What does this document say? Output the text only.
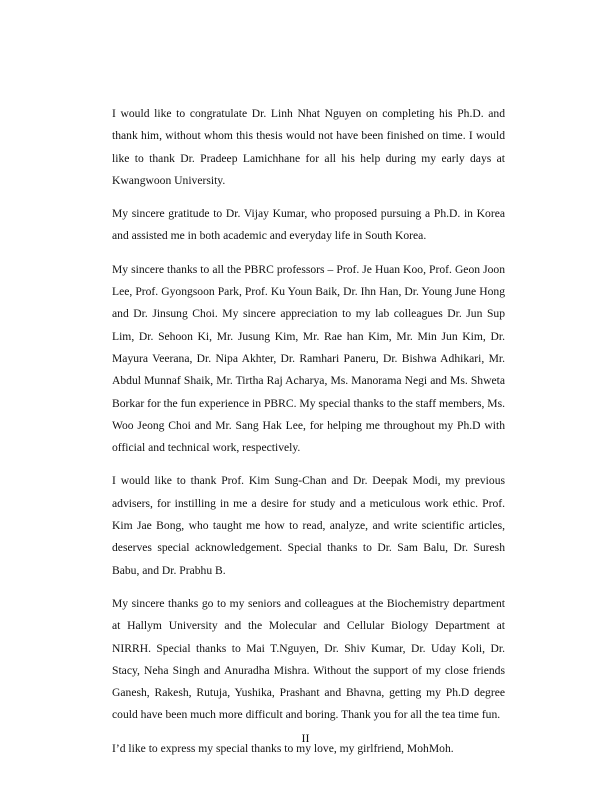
I would like to congratulate Dr. Linh Nhat Nguyen on completing his Ph.D. and thank him, without whom this thesis would not have been finished on time. I would like to thank Dr. Pradeep Lamichhane for all his help during my early days at Kwangwoon University.

My sincere gratitude to Dr. Vijay Kumar, who proposed pursuing a Ph.D. in Korea and assisted me in both academic and everyday life in South Korea.

My sincere thanks to all the PBRC professors – Prof. Je Huan Koo, Prof. Geon Joon Lee, Prof. Gyongsoon Park, Prof. Ku Youn Baik, Dr. Ihn Han, Dr. Young June Hong and Dr. Jinsung Choi. My sincere appreciation to my lab colleagues Dr. Jun Sup Lim, Dr. Sehoon Ki, Mr. Jusung Kim, Mr. Rae han Kim, Mr. Min Jun Kim, Dr. Mayura Veerana, Dr. Nipa Akhter, Dr. Ramhari Paneru, Dr. Bishwa Adhikari, Mr. Abdul Munnaf Shaik, Mr. Tirtha Raj Acharya, Ms. Manorama Negi and Ms. Shweta Borkar for the fun experience in PBRC. My special thanks to the staff members, Ms. Woo Jeong Choi and Mr. Sang Hak Lee, for helping me throughout my Ph.D with official and technical work, respectively.

I would like to thank Prof. Kim Sung-Chan and Dr. Deepak Modi, my previous advisers, for instilling in me a desire for study and a meticulous work ethic. Prof. Kim Jae Bong, who taught me how to read, analyze, and write scientific articles, deserves special acknowledgement. Special thanks to Dr. Sam Balu, Dr. Suresh Babu, and Dr. Prabhu B.

My sincere thanks go to my seniors and colleagues at the Biochemistry department at Hallym University and the Molecular and Cellular Biology Department at NIRRH. Special thanks to Mai T.Nguyen, Dr. Shiv Kumar, Dr. Uday Koli, Dr. Stacy, Neha Singh and Anuradha Mishra. Without the support of my close friends Ganesh, Rakesh, Rutuja, Yushika, Prashant and Bhavna, getting my Ph.D degree could have been much more difficult and boring. Thank you for all the tea time fun.

I’d like to express my special thanks to my love, my girlfriend, MohMoh.

II
